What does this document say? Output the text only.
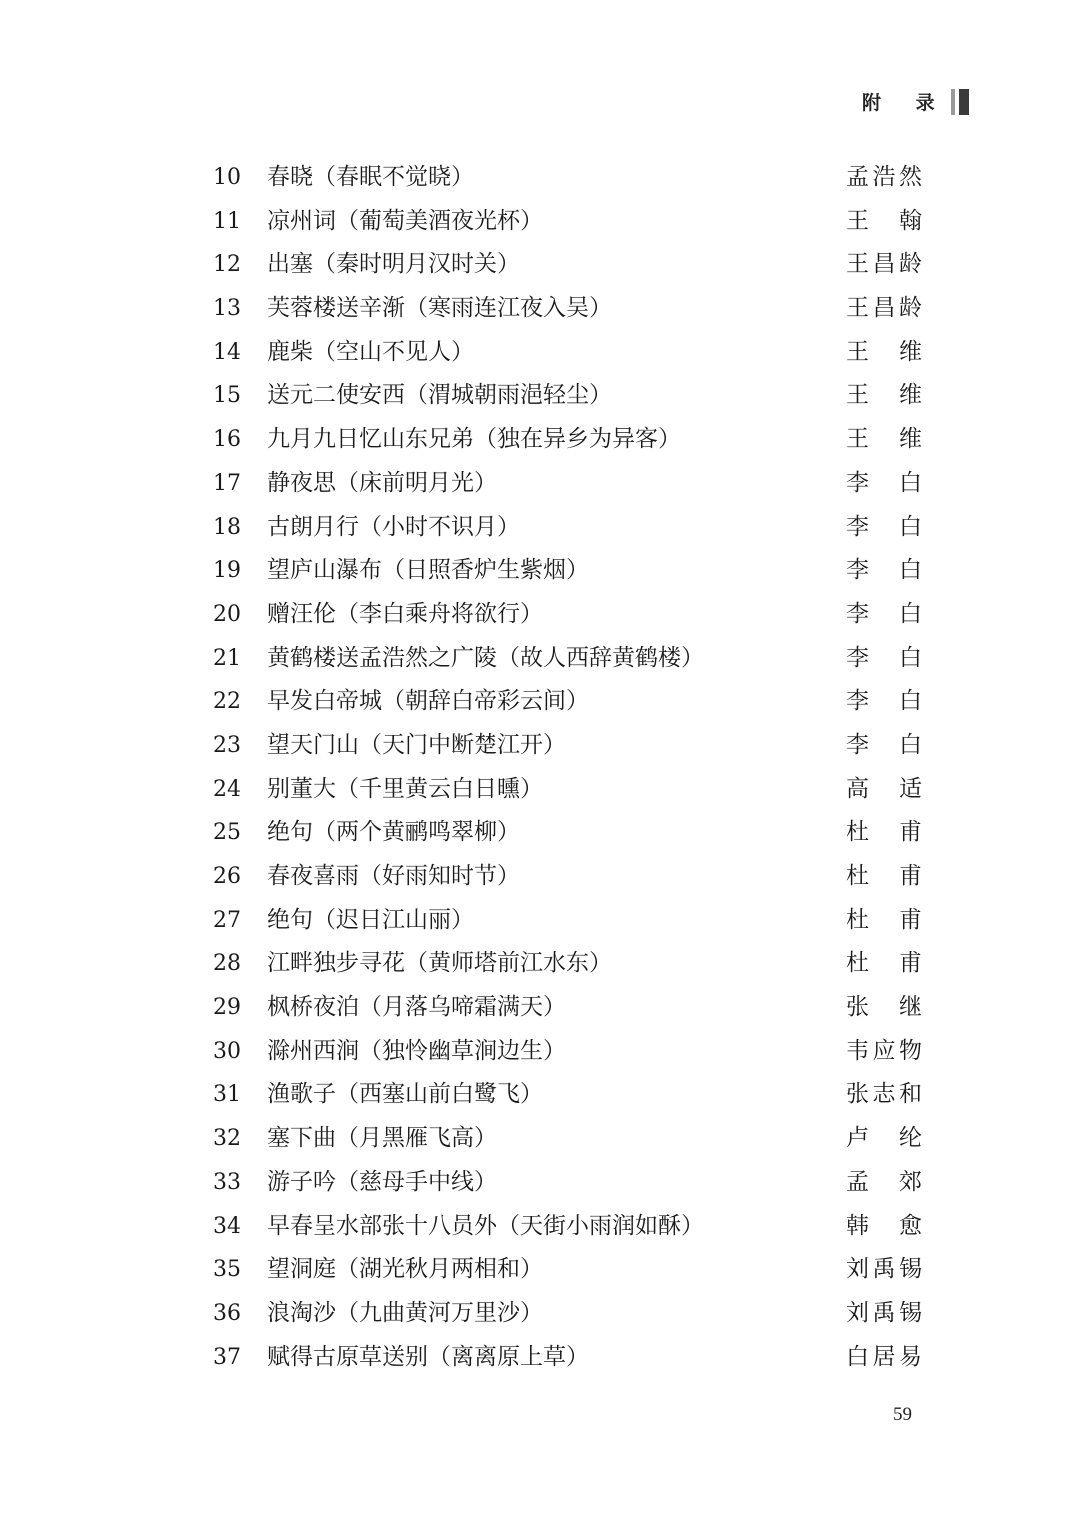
附 录
10 春晓（春眠不觉晓）	孟浩然
11 凉州词（葡萄美酒夜光杯）	王 翰
12 出塞（秦时明月汉时关）	王昌龄
13 芙蓉楼送辛渐（寒雨连江夜入吴）	王昌龄
14 鹿柴（空山不见人）	王 维
15 送元二使安西（渭城朝雨浥轻尘）	王 维
16 九月九日忆山东兄弟（独在异乡为异客）	王 维
17 静夜思（床前明月光）	李 白
18 古朗月行（小时不识月）	李 白
19 望庐山瀑布（日照香炉生紫烟）	李 白
20 赠汪伦（李白乘舟将欲行）	李 白
21 黄鹤楼送孟浩然之广陵（故人西辞黄鹤楼）	李 白
22 早发白帝城（朝辞白帝彩云间）	李 白
23 望天门山（天门中断楚江开）	李 白
24 别董大（千里黄云白日曛）	高 适
25 绝句（两个黄鹂鸣翠柳）	杜 甫
26 春夜喜雨（好雨知时节）	杜 甫
27 绝句（迟日江山丽）	杜 甫
28 江畔独步寻花（黄师塔前江水东）	杜 甫
29 枫桥夜泊（月落乌啼霜满天）	张 继
30 滁州西涧（独怜幽草涧边生）	韦应物
31 渔歌子（西塞山前白鹭飞）	张志和
32 塞下曲（月黑雁飞高）	卢 纶
33 游子吟（慈母手中线）	孟 郊
34 早春呈水部张十八员外（天街小雨润如酥）	韩 愈
35 望洞庭（湖光秋月两相和）	刘禹锡
36 浪淘沙（九曲黄河万里沙）	刘禹锡
37 赋得古原草送别（离离原上草）	白居易
59
